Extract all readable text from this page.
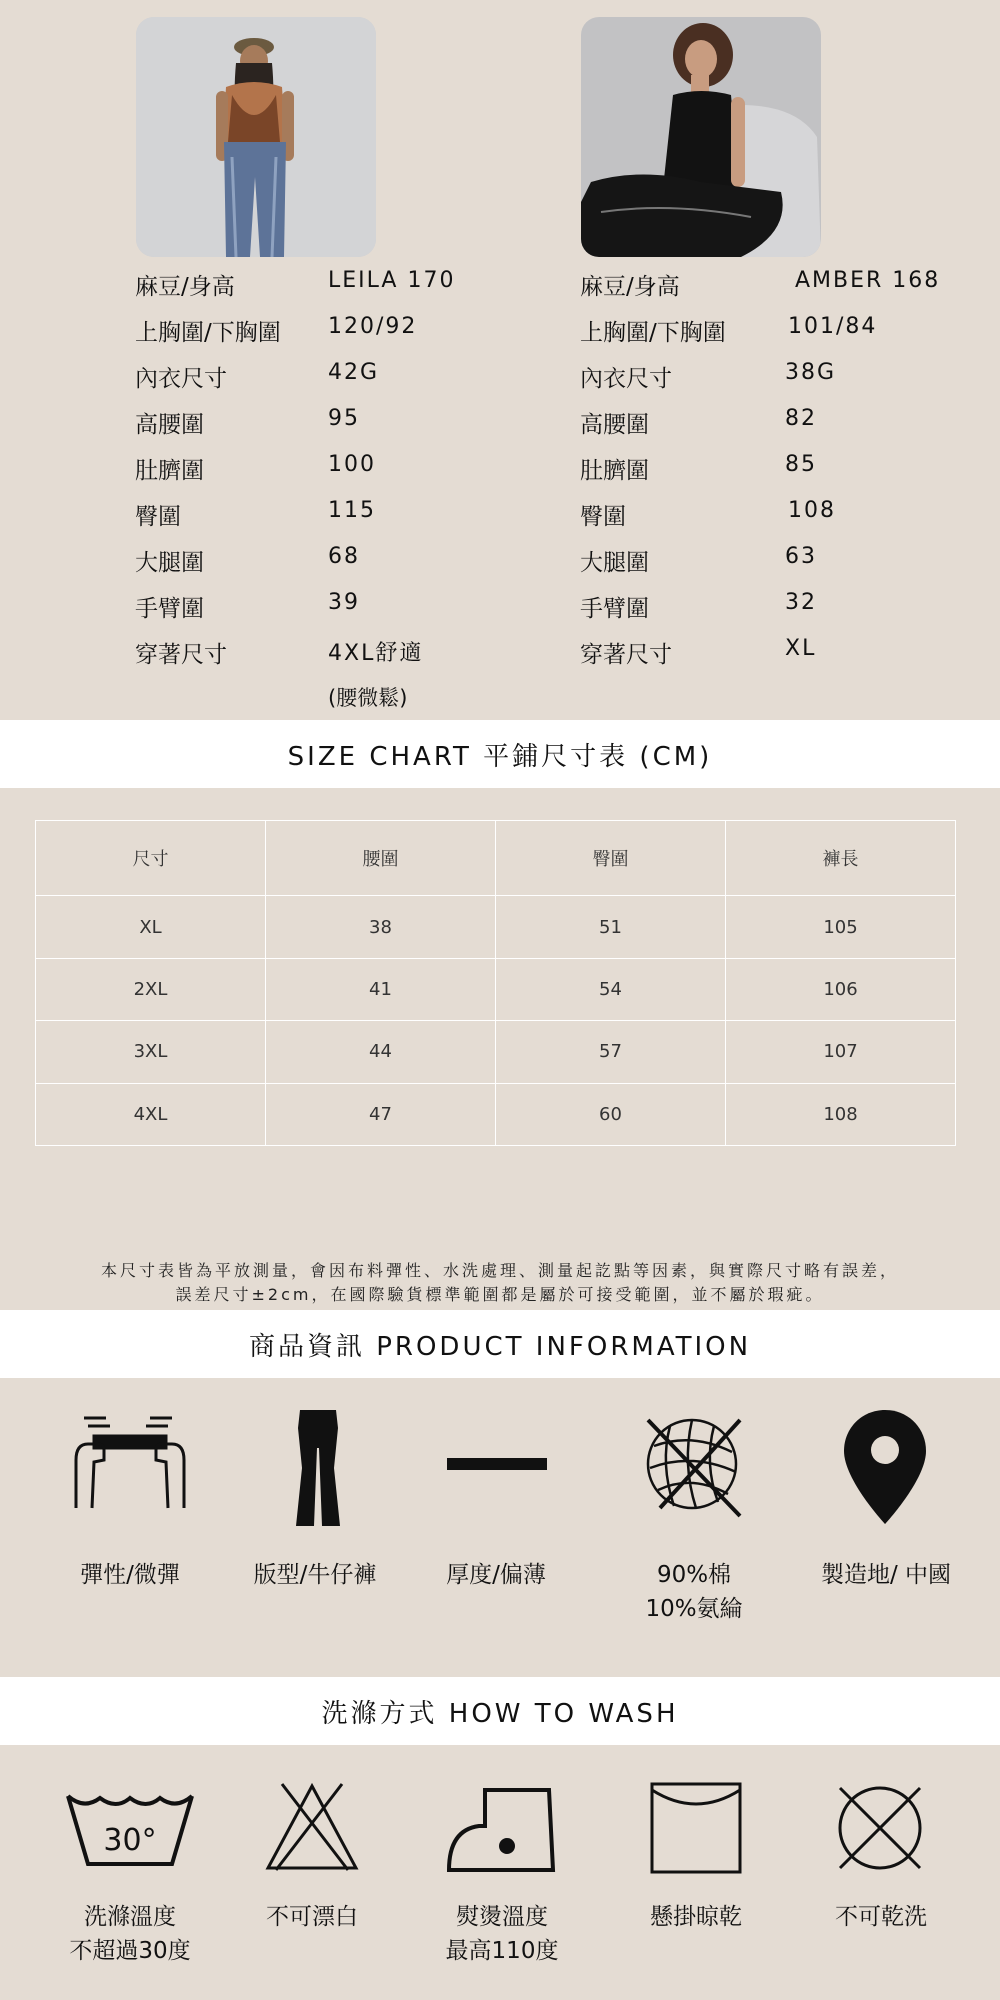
麻豆/身高	LEILA 170
上胸圍/下胸圍 120/92
內衣尺寸	42G
高腰圍	95
肚臍圍	100
臀圍	115
大腿圍	68
手臂圍	39
穿著尺寸	4XL舒適
(腰微鬆)
麻豆/身高	AMBER 168
上胸圍/下胸圍	101/84
內衣尺寸	38G
高腰圍	82
肚臍圍	85
臀圍	108
大腿圍	63
手臂圍	32
穿著尺寸	XL
SIZE CHART 平鋪尺寸表 (CM)
尺寸	腰圍	臀圍	褲長
XL	38	51	105
2XL	41	54	106
3XL	44	57	107
4XL	47	60	108
本尺寸表皆為平放測量，會因布料彈性、水洗處理、測量起訖點等因素，與實際尺寸略有誤差，
誤差尺寸±2cm，在國際驗貨標準範圍都是屬於可接受範圍，並不屬於瑕疵。
商品資訊 PRODUCT INFORMATION
彈性/微彈	版型/牛仔褲	厚度/偏薄	90%棉
10%氨綸
製造地/ 中國
洗滌方式 HOW TO WASH
30°
洗滌溫度
不超過30度
不可漂白	熨燙溫度
最高110度
懸掛晾乾	不可乾洗
